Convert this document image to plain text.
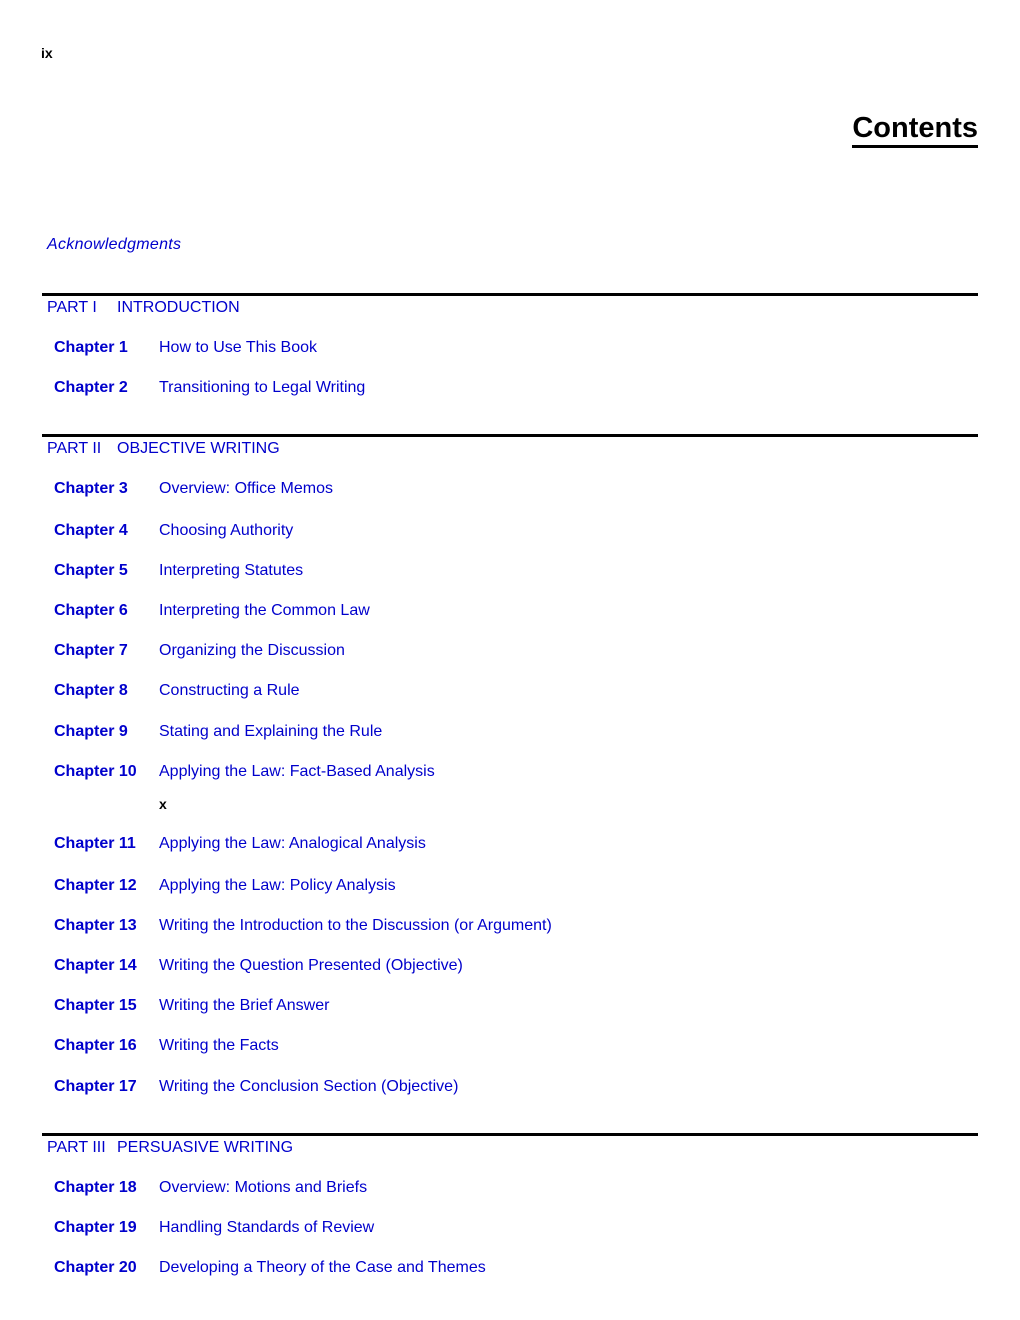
ix
Contents
Acknowledgments
PART I INTRODUCTION
Chapter 1 How to Use This Book
Chapter 2 Transitioning to Legal Writing
PART II OBJECTIVE WRITING
Chapter 3 Overview: Office Memos
Chapter 4 Choosing Authority
Chapter 5 Interpreting Statutes
Chapter 6 Interpreting the Common Law
Chapter 7 Organizing the Discussion
Chapter 8 Constructing a Rule
Chapter 9 Stating and Explaining the Rule
Chapter 10 Applying the Law: Fact-Based Analysis
x
Chapter 11 Applying the Law: Analogical Analysis
Chapter 12 Applying the Law: Policy Analysis
Chapter 13 Writing the Introduction to the Discussion (or Argument)
Chapter 14 Writing the Question Presented (Objective)
Chapter 15 Writing the Brief Answer
Chapter 16 Writing the Facts
Chapter 17 Writing the Conclusion Section (Objective)
PART III PERSUASIVE WRITING
Chapter 18 Overview: Motions and Briefs
Chapter 19 Handling Standards of Review
Chapter 20 Developing a Theory of the Case and Themes
